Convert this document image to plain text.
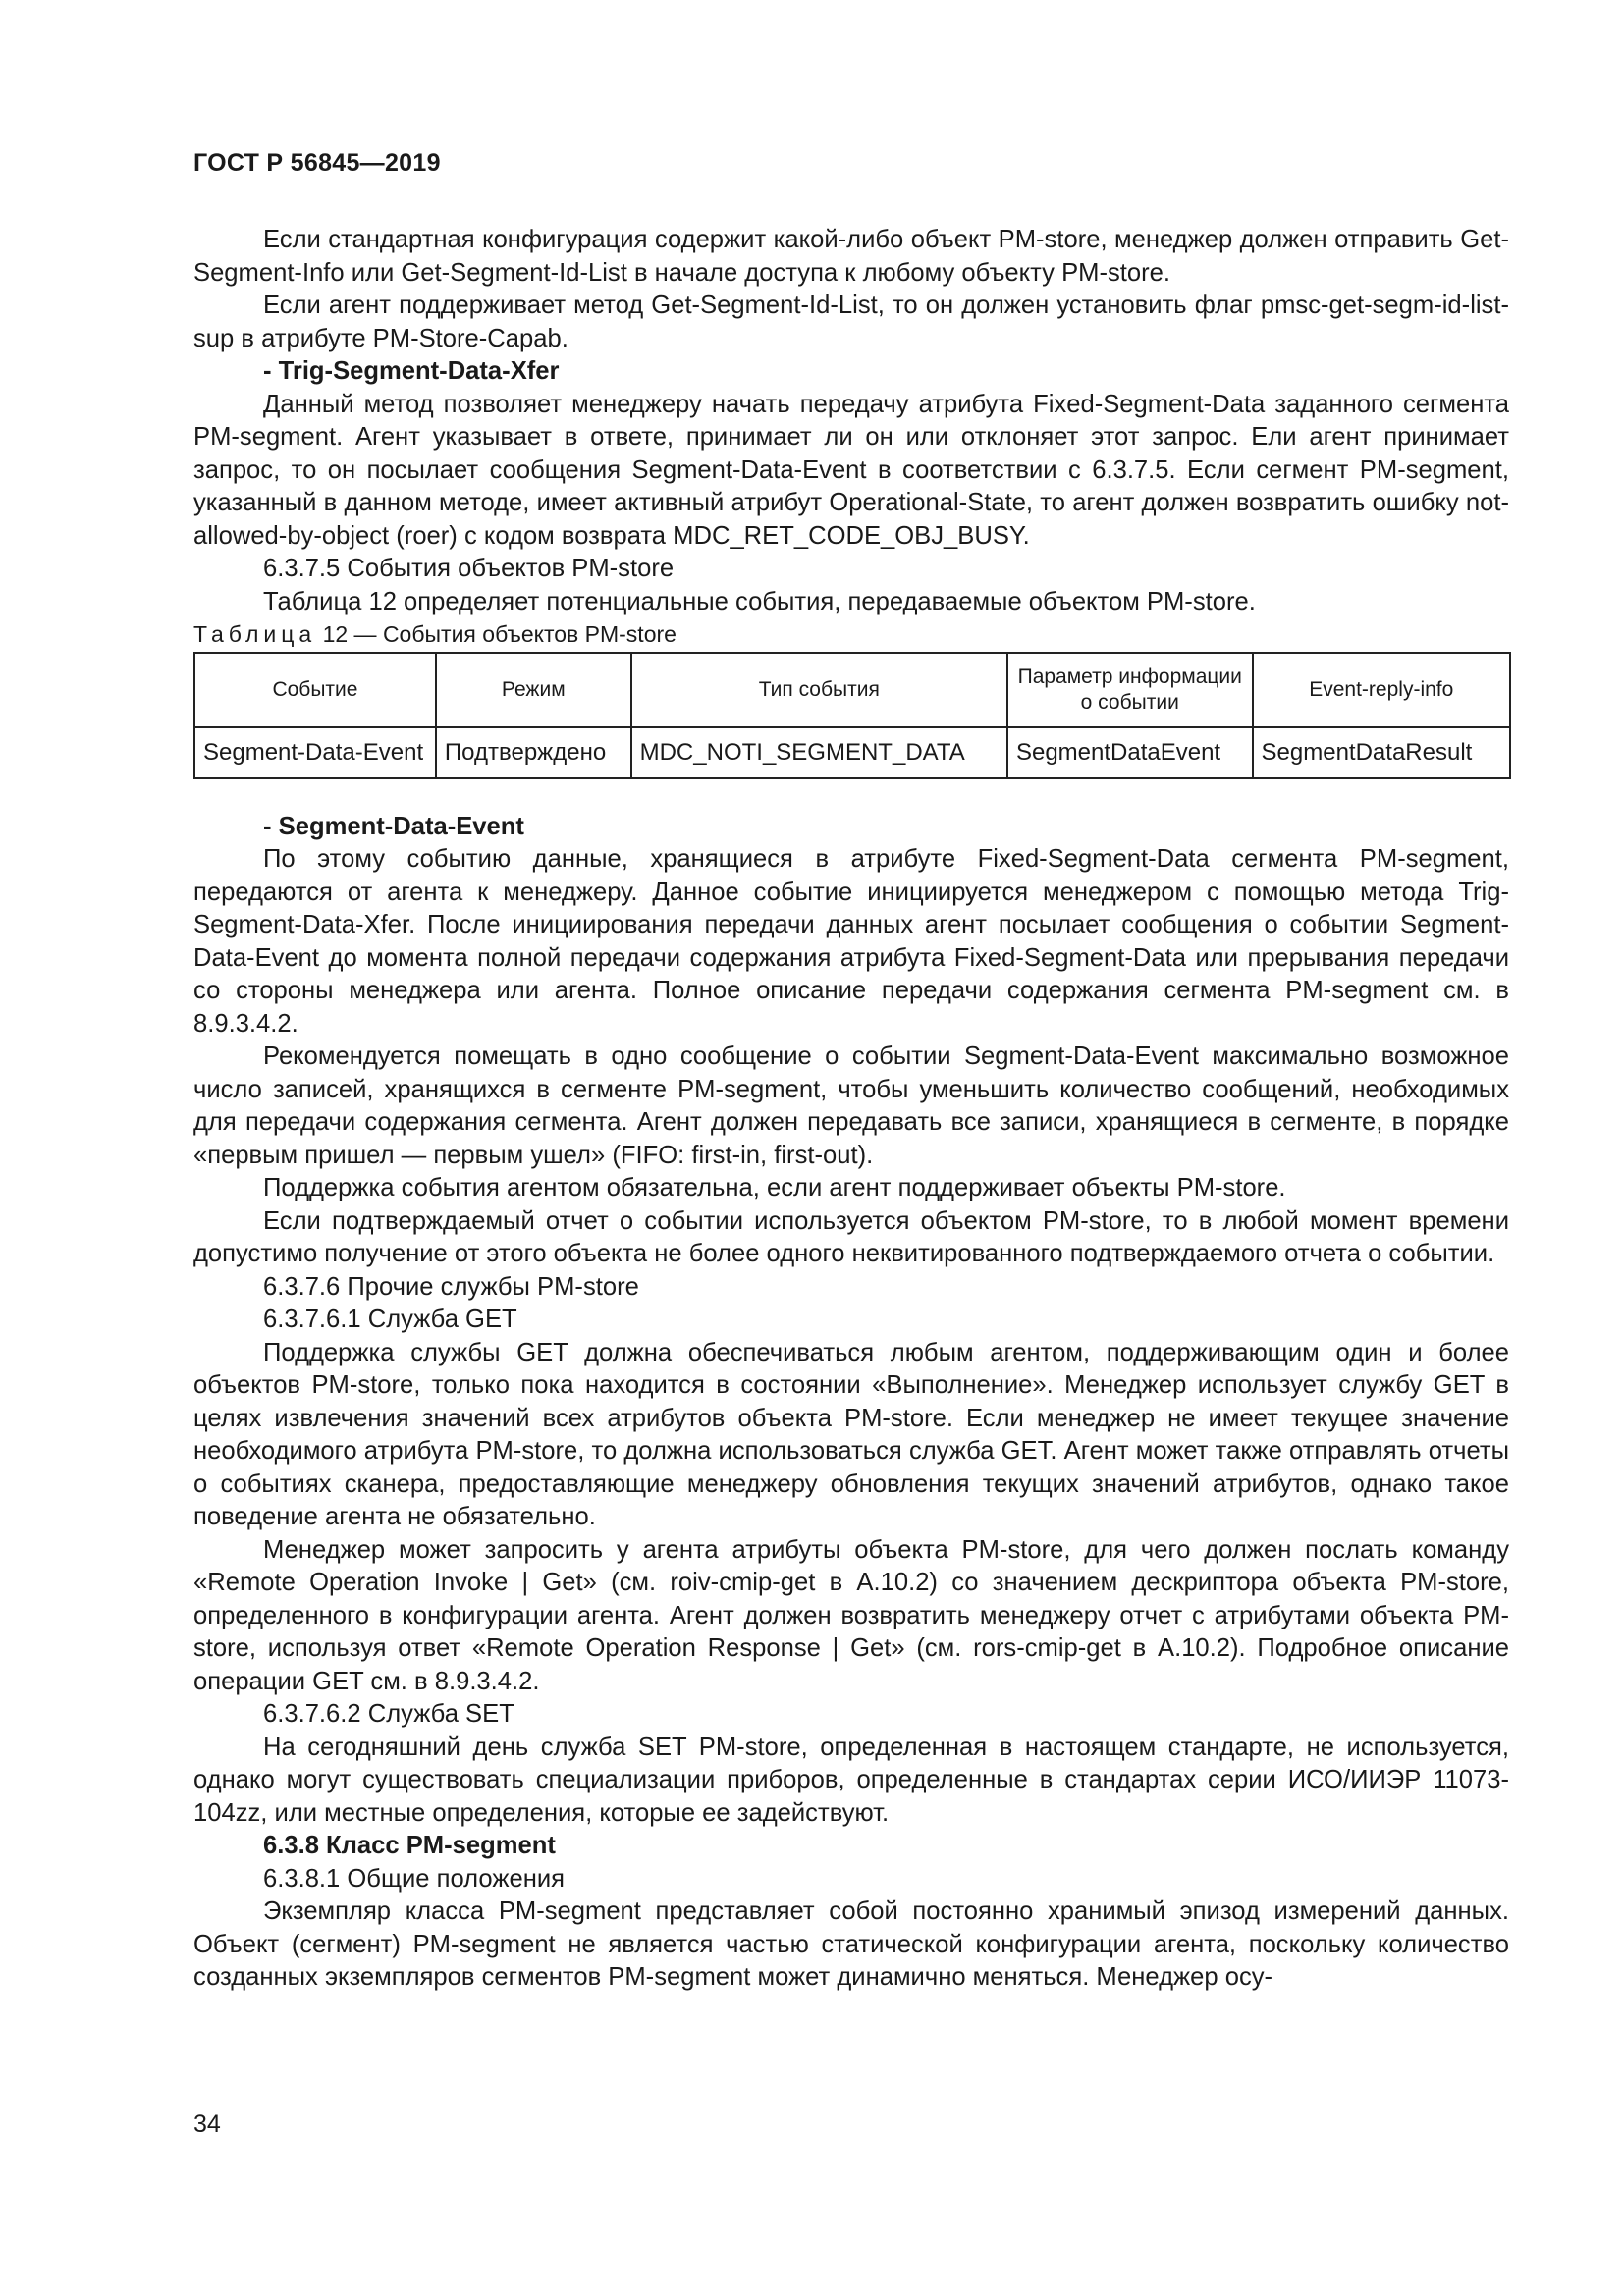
ГОСТ Р 56845—2019

Если стандартная конфигурация содержит какой-либо объект PM-store, менеджер должен отправить Get-Segment-Info или Get-Segment-Id-List в начале доступа к любому объекту PM-store.

Если агент поддерживает метод Get-Segment-Id-List, то он должен установить флаг pmsc-get-segm-id-list-sup в атрибуте PM-Store-Capab.

- Trig-Segment-Data-Xfer

Данный метод позволяет менеджеру начать передачу атрибута Fixed-Segment-Data заданного сегмента PM-segment. Агент указывает в ответе, принимает ли он или отклоняет этот запрос. Ели агент принимает запрос, то он посылает сообщения Segment-Data-Event в соответствии с 6.3.7.5. Если сегмент PM-segment, указанный в данном методе, имеет активный атрибут Operational-State, то агент должен возвратить ошибку not-allowed-by-object (roer) с кодом возврата MDC_RET_CODE_OBJ_BUSY.

6.3.7.5 События объектов PM-store

Таблица 12 определяет потенциальные события, передаваемые объектом PM-store.

Таблица 12 — События объектов PM-store

Событие	Режим	Тип события	Параметр информации о событии	Event-reply-info
Segment-Data-Event	Подтверждено	MDC_NOTI_SEGMENT_DATA	SegmentDataEvent	SegmentDataResult

- Segment-Data-Event

По этому событию данные, хранящиеся в атрибуте Fixed-Segment-Data сегмента PM-segment, передаются от агента к менеджеру. Данное событие инициируется менеджером с помощью метода Trig-Segment-Data-Xfer. После инициирования передачи данных агент посылает сообщения о событии Segment-Data-Event до момента полной передачи содержания атрибута Fixed-Segment-Data или прерывания передачи со стороны менеджера или агента. Полное описание передачи содержания сегмента PM-segment см. в 8.9.3.4.2.

Рекомендуется помещать в одно сообщение о событии Segment-Data-Event максимально возможное число записей, хранящихся в сегменте PM-segment, чтобы уменьшить количество сообщений, необходимых для передачи содержания сегмента. Агент должен передавать все записи, хранящиеся в сегменте, в порядке «первым пришел — первым ушел» (FIFO: first-in, first-out).

Поддержка события агентом обязательна, если агент поддерживает объекты PM-store.

Если подтверждаемый отчет о событии используется объектом PM-store, то в любой момент времени допустимо получение от этого объекта не более одного неквитированного подтверждаемого отчета о событии.

6.3.7.6 Прочие службы PM-store

6.3.7.6.1 Служба GET

Поддержка службы GET должна обеспечиваться любым агентом, поддерживающим один и более объектов PM-store, только пока находится в состоянии «Выполнение». Менеджер использует службу GET в целях извлечения значений всех атрибутов объекта PM-store. Если менеджер не имеет текущее значение необходимого атрибута PM-store, то должна использоваться служба GET. Агент может также отправлять отчеты о событиях сканера, предоставляющие менеджеру обновления текущих значений атрибутов, однако такое поведение агента не обязательно.

Менеджер может запросить у агента атрибуты объекта PM-store, для чего должен послать команду «Remote Operation Invoke | Get» (см. roiv-cmip-get в А.10.2) со значением дескриптора объекта PM-store, определенного в конфигурации агента. Агент должен возвратить менеджеру отчет с атрибутами объекта PM-store, используя ответ «Remote Operation Response | Get» (см. rors-cmip-get в А.10.2). Подробное описание операции GET см. в 8.9.3.4.2.

6.3.7.6.2 Служба SET

На сегодняшний день служба SET PM-store, определенная в настоящем стандарте, не используется, однако могут существовать специализации приборов, определенные в стандартах серии ИСО/ИИЭР 11073-104zz, или местные определения, которые ее задействуют.

6.3.8 Класс PM-segment

6.3.8.1 Общие положения

Экземпляр класса PM-segment представляет собой постоянно хранимый эпизод измерений данных. Объект (сегмент) PM-segment не является частью статической конфигурации агента, поскольку количество созданных экземпляров сегментов PM-segment может динамично меняться. Менеджер осу-

34
